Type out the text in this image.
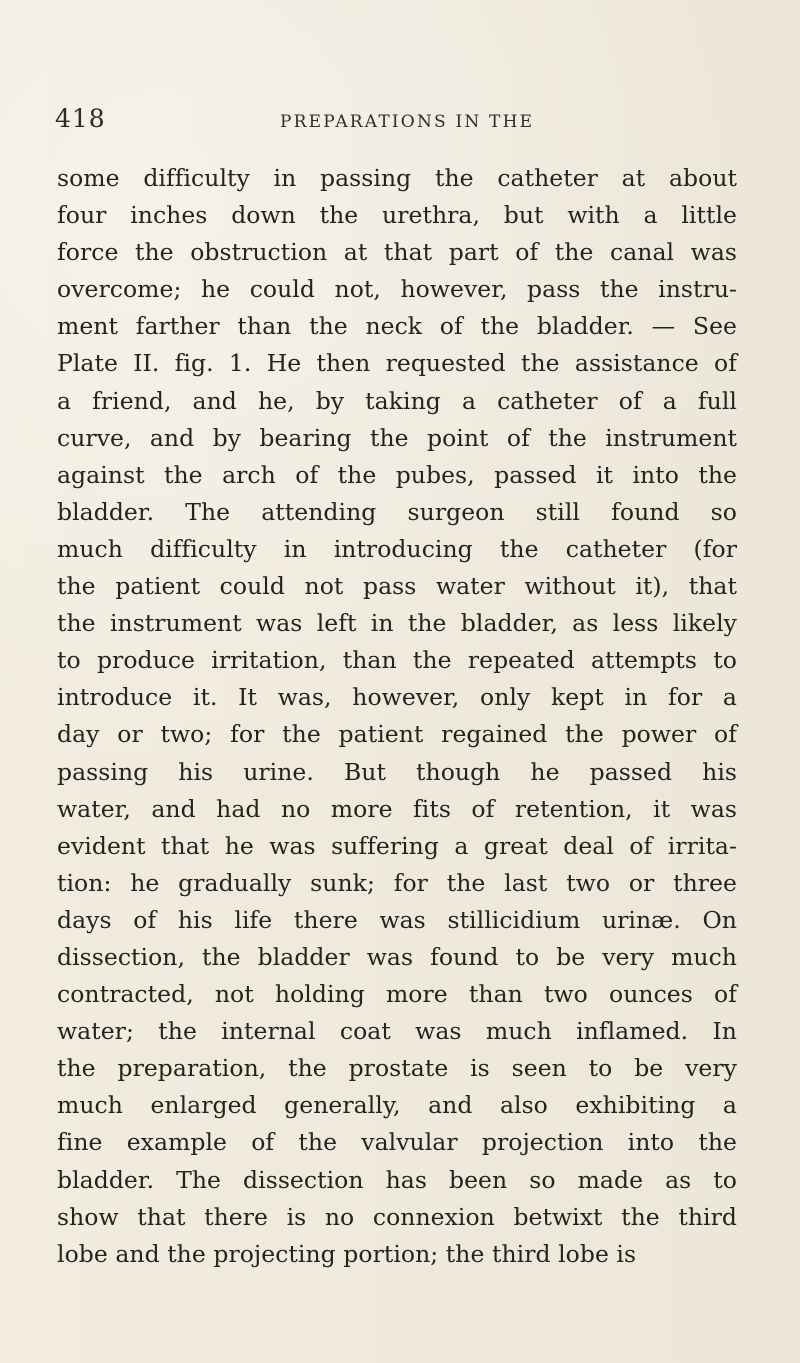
418	PREPARATIONS IN THE
some difficulty in passing the catheter at about
four inches down the urethra, but with a little
force the obstruction at that part of the canal was
overcome; he could not, however, pass the instru-
ment farther than the neck of the bladder. — See
Plate II. fig. 1. He then requested the assistance of
a friend, and he, by taking a catheter of a full
curve, and by bearing the point of the instrument
against the arch of the pubes, passed it into the
bladder. The attending surgeon still found so
much difficulty in introducing the catheter (for
the patient could not pass water without it), that
the instrument was left in the bladder, as less likely
to produce irritation, than the repeated attempts to
introduce it. It was, however, only kept in for a
day or two; for the patient regained the power of
passing his urine. But though he passed his
water, and had no more fits of retention, it was
evident that he was suffering a great deal of irrita-
tion: he gradually sunk; for the last two or three
days of his life there was stillicidium urinæ. On
dissection, the bladder was found to be very much
contracted, not holding more than two ounces of
water; the internal coat was much inflamed. In
the preparation, the prostate is seen to be very
much enlarged generally, and also exhibiting a
fine example of the valvular projection into the
bladder. The dissection has been so made as to
show that there is no connexion betwixt the third
lobe and the projecting portion; the third lobe is
